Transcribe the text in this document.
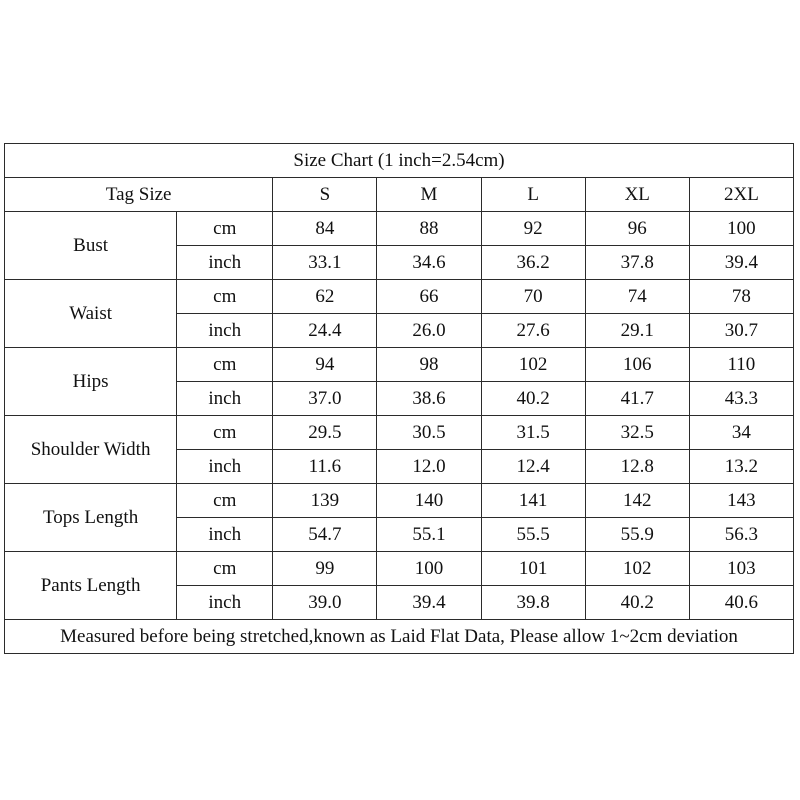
Size Chart (1 inch=2.54cm)						
Tag Size		S	M	L	XL	2XL
Bust	cm	84	88	92	96	100
	inch	33.1	34.6	36.2	37.8	39.4
Waist	cm	62	66	70	74	78
	inch	24.4	26.0	27.6	29.1	30.7
Hips	cm	94	98	102	106	110
	inch	37.0	38.6	40.2	41.7	43.3
Shoulder Width	cm	29.5	30.5	31.5	32.5	34
	inch	11.6	12.0	12.4	12.8	13.2
Tops Length	cm	139	140	141	142	143
	inch	54.7	55.1	55.5	55.9	56.3
Pants Length	cm	99	100	101	102	103
	inch	39.0	39.4	39.8	40.2	40.6
Measured before being stretched,known as Laid Flat Data, Please allow 1~2cm deviation						
